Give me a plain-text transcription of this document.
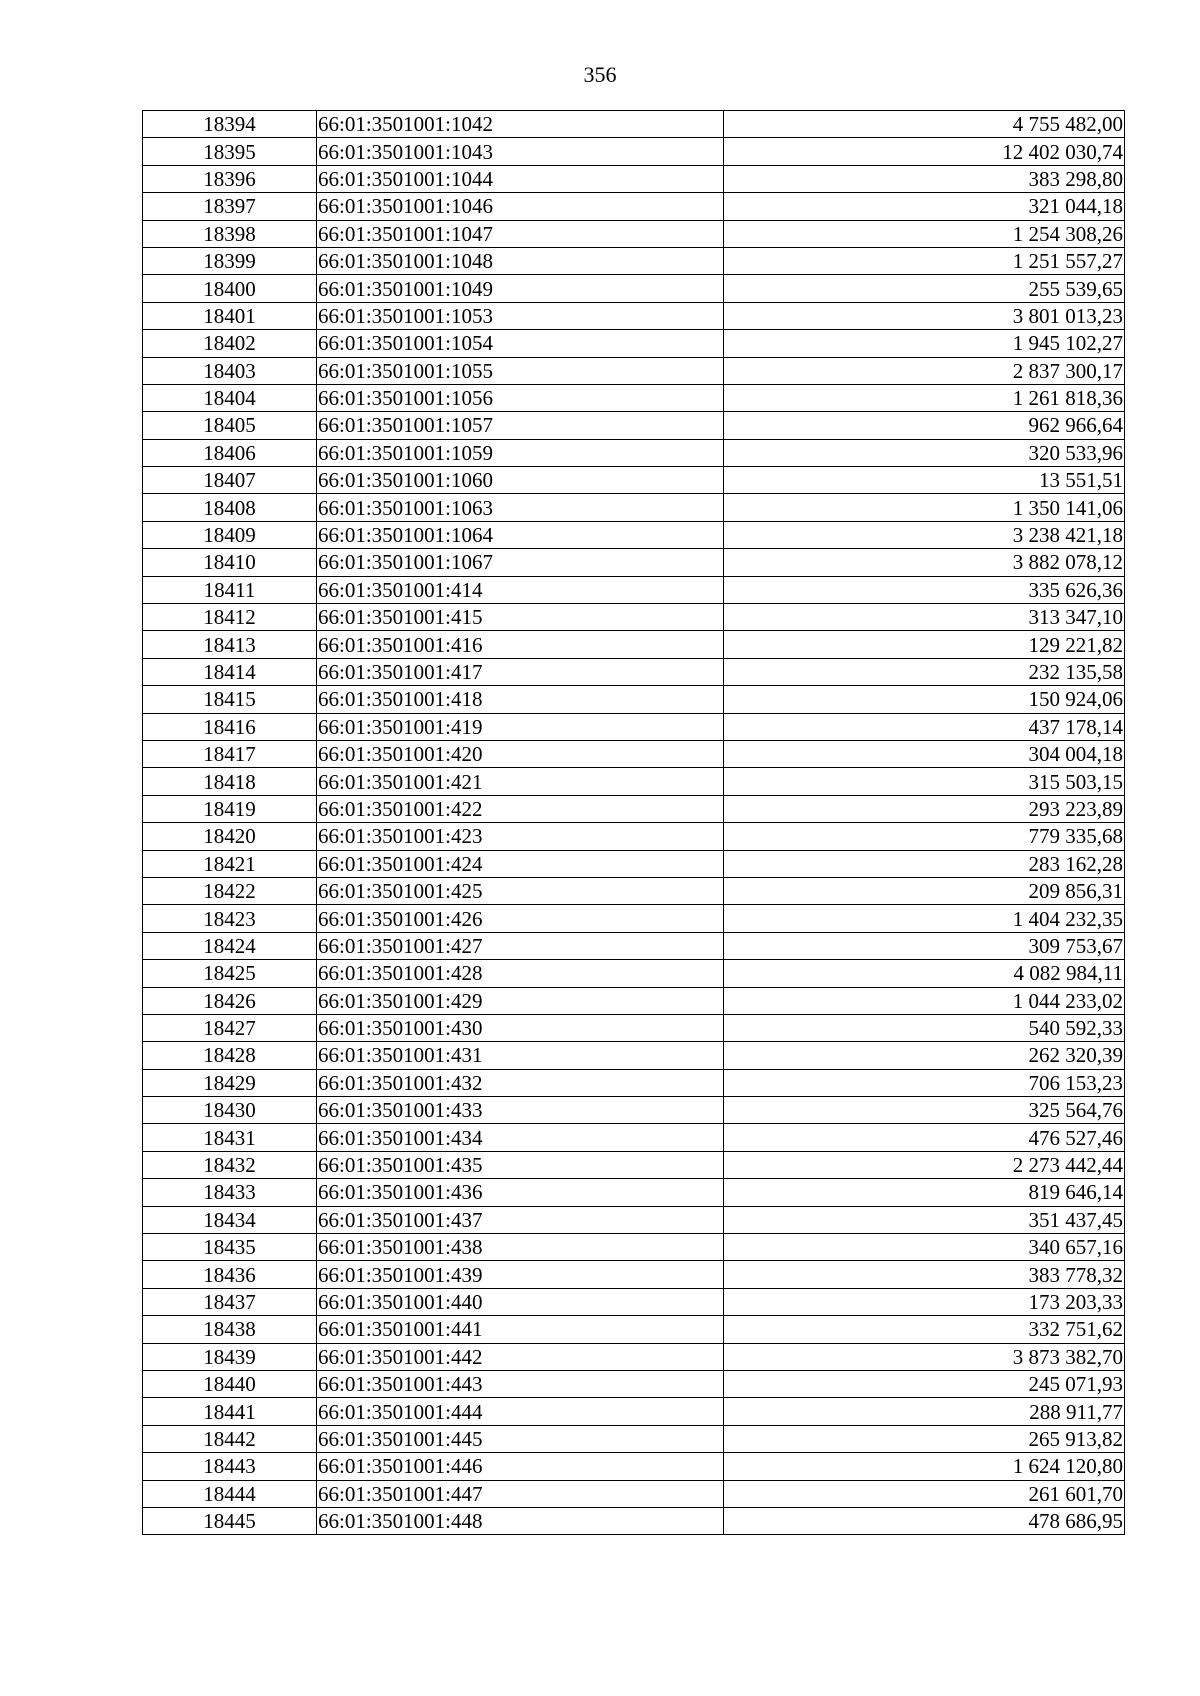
356
18394	66:01:3501001:1042	4 755 482,00
18395	66:01:3501001:1043	12 402 030,74
18396	66:01:3501001:1044	383 298,80
18397	66:01:3501001:1046	321 044,18
18398	66:01:3501001:1047	1 254 308,26
18399	66:01:3501001:1048	1 251 557,27
18400	66:01:3501001:1049	255 539,65
18401	66:01:3501001:1053	3 801 013,23
18402	66:01:3501001:1054	1 945 102,27
18403	66:01:3501001:1055	2 837 300,17
18404	66:01:3501001:1056	1 261 818,36
18405	66:01:3501001:1057	962 966,64
18406	66:01:3501001:1059	320 533,96
18407	66:01:3501001:1060	13 551,51
18408	66:01:3501001:1063	1 350 141,06
18409	66:01:3501001:1064	3 238 421,18
18410	66:01:3501001:1067	3 882 078,12
18411	66:01:3501001:414	335 626,36
18412	66:01:3501001:415	313 347,10
18413	66:01:3501001:416	129 221,82
18414	66:01:3501001:417	232 135,58
18415	66:01:3501001:418	150 924,06
18416	66:01:3501001:419	437 178,14
18417	66:01:3501001:420	304 004,18
18418	66:01:3501001:421	315 503,15
18419	66:01:3501001:422	293 223,89
18420	66:01:3501001:423	779 335,68
18421	66:01:3501001:424	283 162,28
18422	66:01:3501001:425	209 856,31
18423	66:01:3501001:426	1 404 232,35
18424	66:01:3501001:427	309 753,67
18425	66:01:3501001:428	4 082 984,11
18426	66:01:3501001:429	1 044 233,02
18427	66:01:3501001:430	540 592,33
18428	66:01:3501001:431	262 320,39
18429	66:01:3501001:432	706 153,23
18430	66:01:3501001:433	325 564,76
18431	66:01:3501001:434	476 527,46
18432	66:01:3501001:435	2 273 442,44
18433	66:01:3501001:436	819 646,14
18434	66:01:3501001:437	351 437,45
18435	66:01:3501001:438	340 657,16
18436	66:01:3501001:439	383 778,32
18437	66:01:3501001:440	173 203,33
18438	66:01:3501001:441	332 751,62
18439	66:01:3501001:442	3 873 382,70
18440	66:01:3501001:443	245 071,93
18441	66:01:3501001:444	288 911,77
18442	66:01:3501001:445	265 913,82
18443	66:01:3501001:446	1 624 120,80
18444	66:01:3501001:447	261 601,70
18445	66:01:3501001:448	478 686,95
